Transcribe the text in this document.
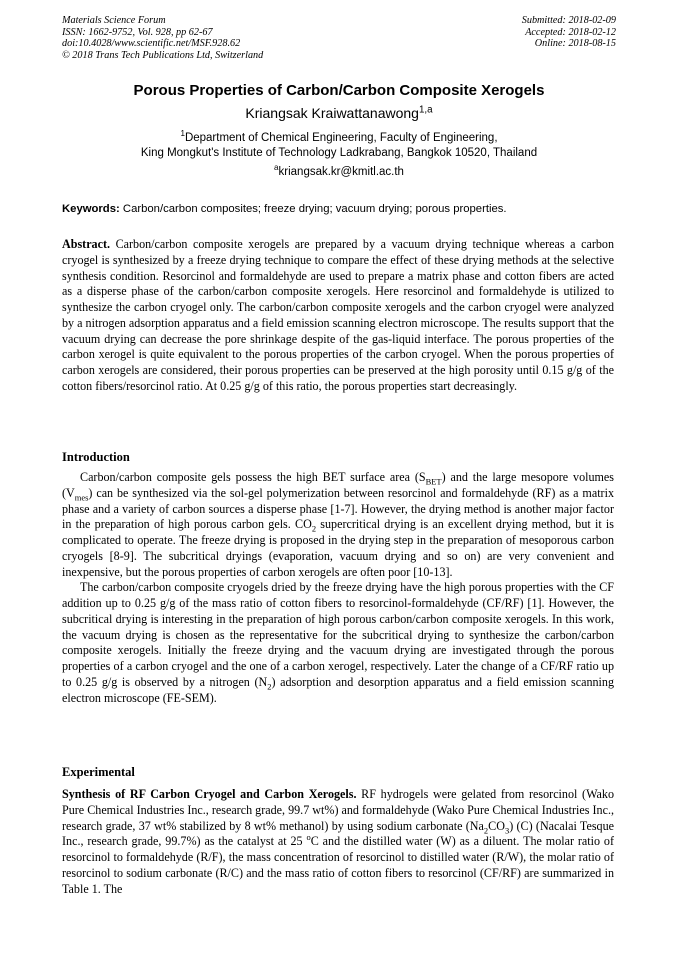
Materials Science Forum
ISSN: 1662-9752, Vol. 928, pp 62-67
doi:10.4028/www.scientific.net/MSF.928.62
© 2018 Trans Tech Publications Ltd, Switzerland
Submitted: 2018-02-09
Accepted: 2018-02-12
Online: 2018-08-15
Porous Properties of Carbon/Carbon Composite Xerogels
Kriangsak Kraiwattanawong$^{1,a}$
$^1$Department of Chemical Engineering, Faculty of Engineering,
King Mongkut's Institute of Technology Ladkrabang, Bangkok 10520, Thailand
$^a$kriangsak.kr@kmitl.ac.th
Keywords: Carbon/carbon composites; freeze drying; vacuum drying; porous properties.

Abstract. Carbon/carbon composite xerogels are prepared by a vacuum drying technique whereas a carbon cryogel is synthesized by a freeze drying technique to compare the effect of these drying methods at the selective synthesis condition. Resorcinol and formaldehyde are used to prepare a matrix phase and cotton fibers are acted as a disperse phase of the carbon/carbon composite xerogels. Here resorcinol and formaldehyde is utilized to synthesize the carbon cryogel only. The carbon/carbon composite xerogels and the carbon cryogel were analyzed by a nitrogen adsorption apparatus and a field emission scanning electron microscope. The results support that the vacuum drying can decrease the pore shrinkage despite of the gas-liquid interface. The porous properties of the carbon xerogel is quite equivalent to the porous properties of the carbon cryogel. When the porous properties of carbon xerogels are considered, their porous properties can be preserved at the high porosity until 0.15 g/g of the cotton fibers/resorcinol ratio. At 0.25 g/g of this ratio, the porous properties start decreasingly.

Introduction

Carbon/carbon composite gels possess the high BET surface area $(S_{BET})$ and the large mesopore volumes $(V_{mes})$ can be synthesized via the sol-gel polymerization between resorcinol and formaldehyde (RF) as a matrix phase and a variety of carbon sources a disperse phase [1-7]. However, the drying method is another major factor in the preparation of high porous carbon gels. $CO_2$ supercritical drying is an excellent drying method, but it is complicated to operate. The freeze drying is proposed in the drying step in the preparation of mesoporous carbon cryogels [8-9]. The subcritical dryings (evaporation, vacuum drying and so on) are very convenient and inexpensive, but the porous properties of carbon xerogels are often poor [10-13].

The carbon/carbon composite cryogels dried by the freeze drying have the high porous properties with the CF addition up to 0.25 g/g of the mass ratio of cotton fibers to resorcinol-formaldehyde (CF/RF) [1]. However, the subcritical drying is interesting in the preparation of high porous carbon/carbon composite xerogels. In this work, the vacuum drying is chosen as the representative for the subcritical drying to synthesize the carbon/carbon composite xerogels. Initially the freeze drying and the vacuum drying are investigated through the porous properties of a carbon cryogel and the one of a carbon xerogel, respectively. Later the change of a CF/RF ratio up to 0.25 g/g is observed by a nitrogen $(N_2)$ adsorption and desorption apparatus and a field emission scanning electron microscope (FE-SEM).

Experimental

Synthesis of RF Carbon Cryogel and Carbon Xerogels. RF hydrogels were gelated from resorcinol (Wako Pure Chemical Industries Inc., research grade, 99.7 wt%) and formaldehyde (Wako Pure Chemical Industries Inc., research grade, 37 wt% stabilized by 8 wt% methanol) by using sodium carbonate $(Na_2CO_3)$ (C) (Nacalai Tesque Inc., research grade, 99.7%) as the catalyst at 25 $^o$C and the distilled water (W) as a diluent. The molar ratio of resorcinol to formaldehyde (R/F), the mass concentration of resorcinol to distilled water (R/W), the molar ratio of resorcinol to sodium carbonate (R/C) and the mass ratio of cotton fibers to resorcinol (CF/RF) are summarized in Table 1. The
